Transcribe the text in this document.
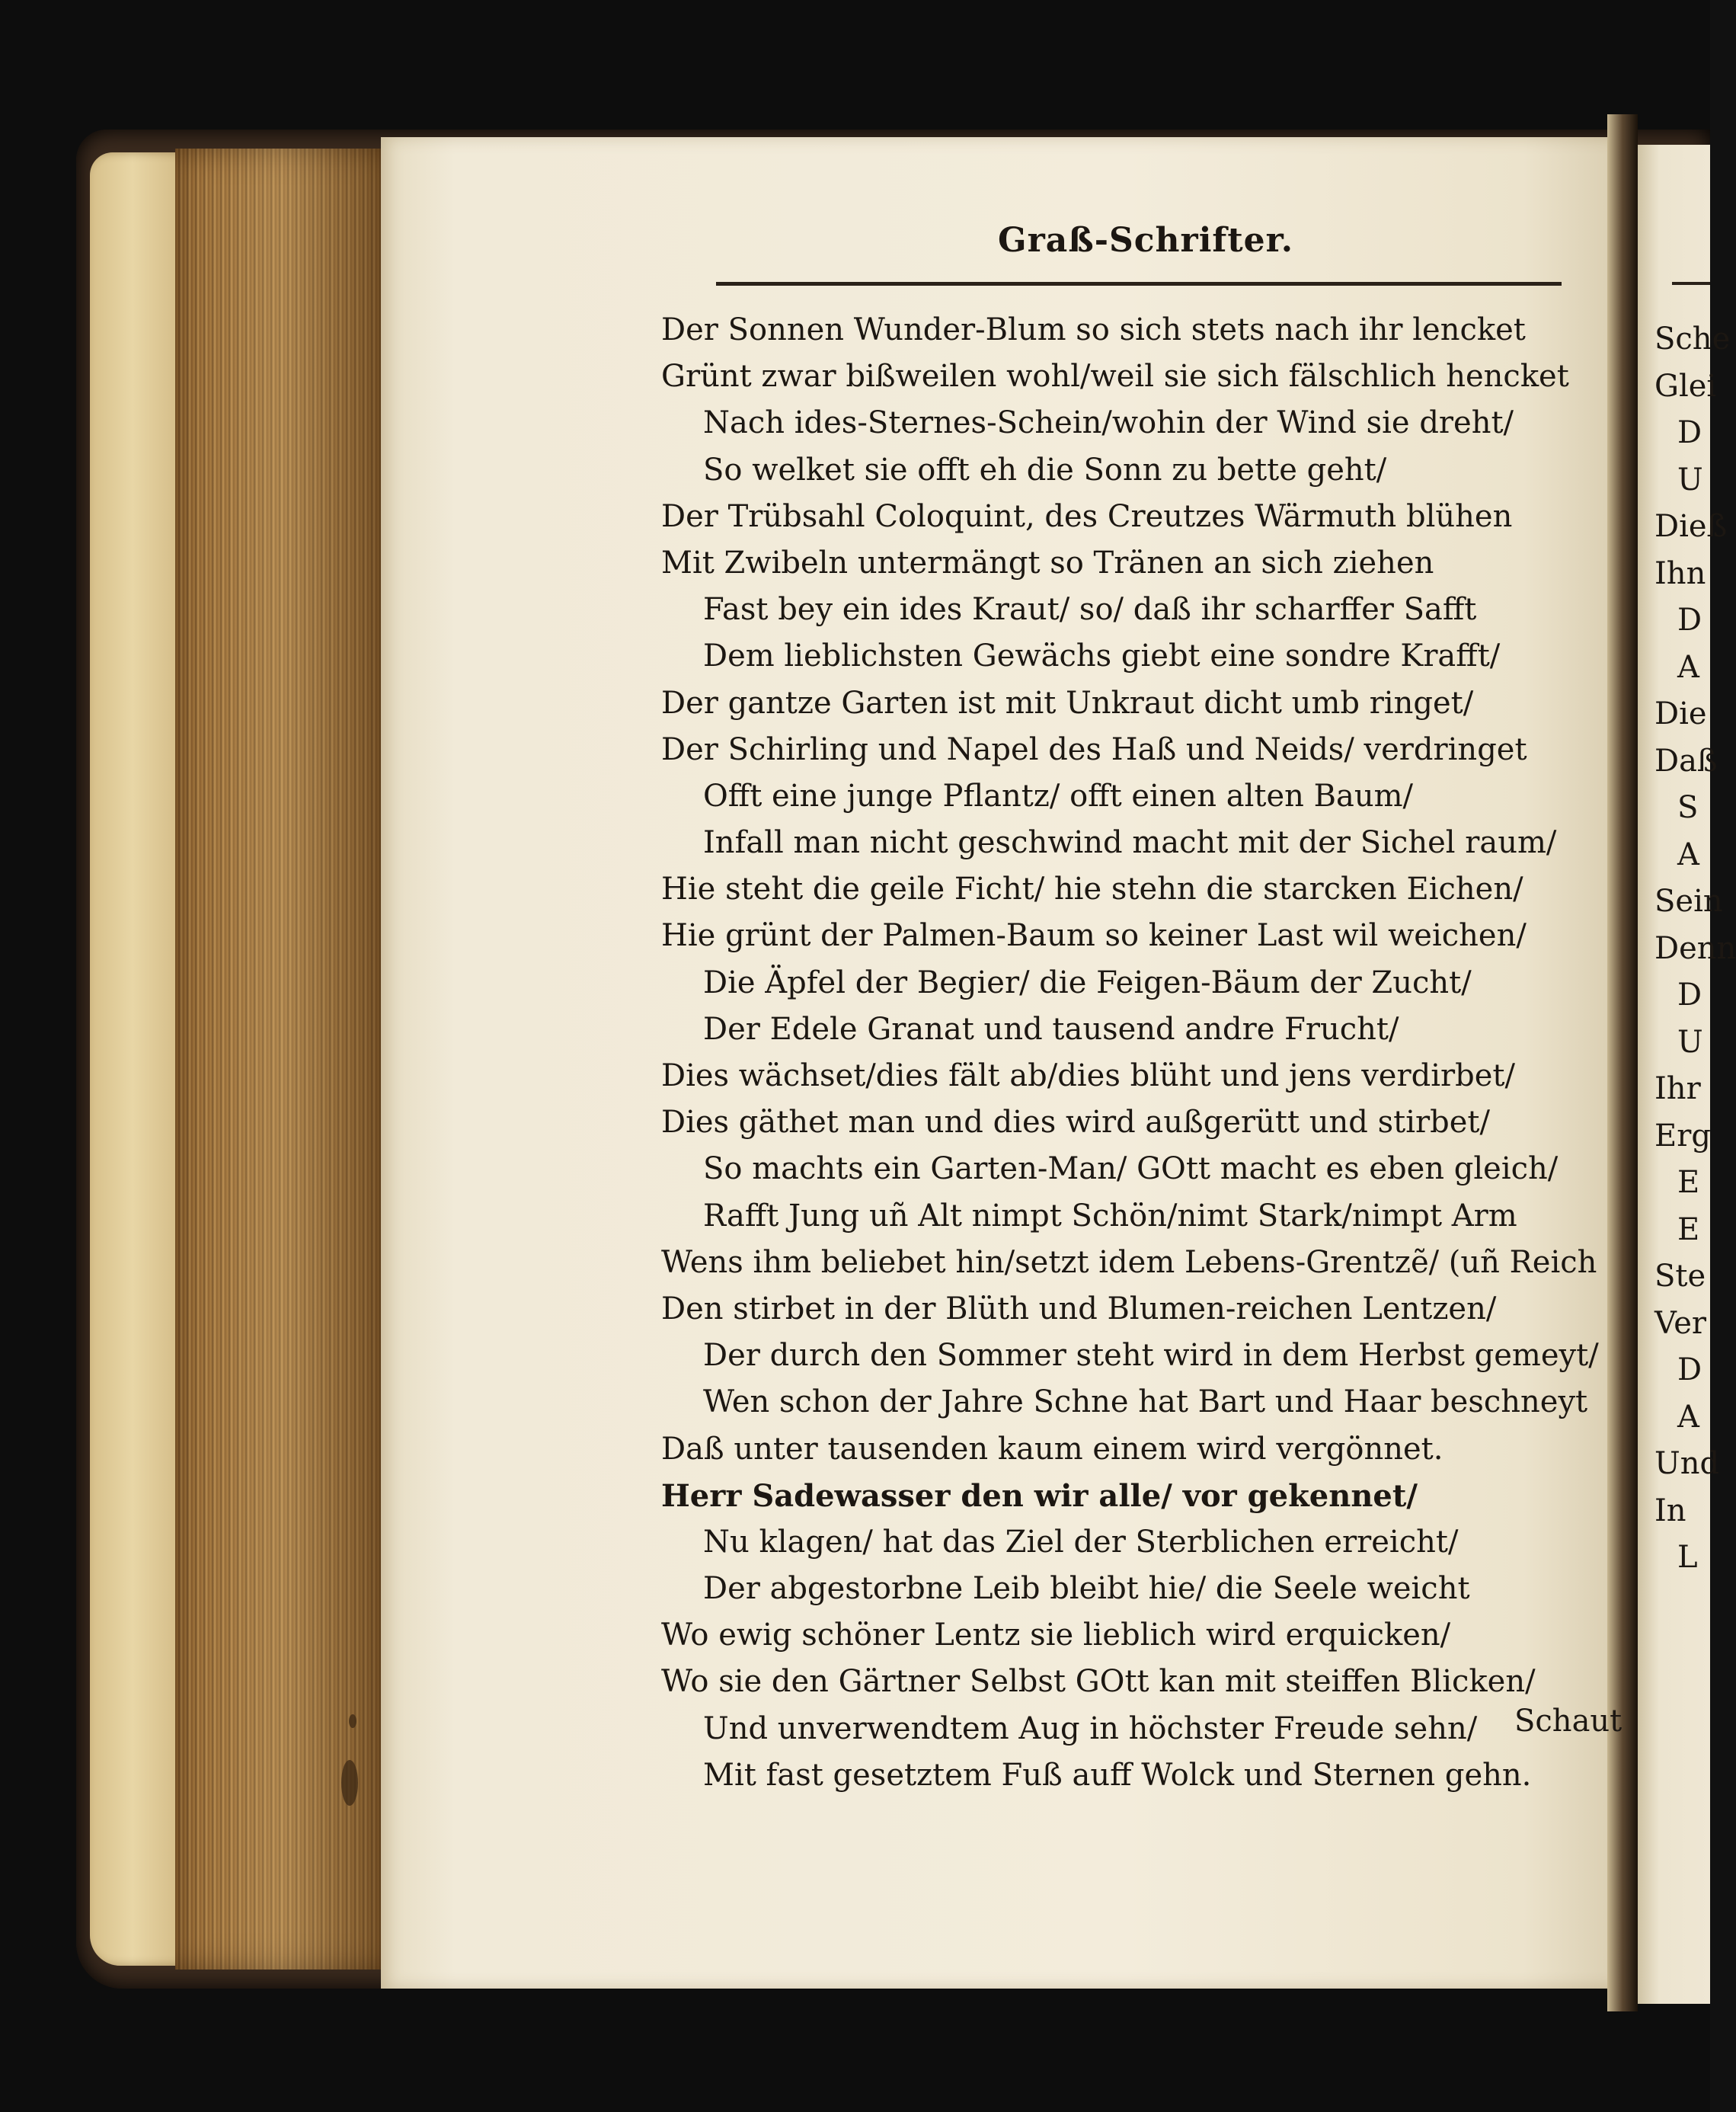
Sche
Glei
D
U
Dieß
Ihn
D
A
Die
Daß
S
A
Sein
Denn
D
U
Ihr
Erg
E
E
Ste
Ver
D
A
Und
In
L
Graß-Schrifter.
Der Sonnen Wunder-Blum so sich stets nach ihr lencket
Grünt zwar bißweilen wohl/weil sie sich fälschlich hencket
Nach ides-Sternes-Schein/wohin der Wind sie dreht/
So welket sie offt eh die Sonn zu bette geht/
Der Trübsahl Coloquint, des Creutzes Wärmuth blühen
Mit Zwibeln untermängt so Tränen an sich ziehen
Fast bey ein ides Kraut/ so/ daß ihr scharffer Safft
Dem lieblichsten Gewächs giebt eine sondre Krafft/
Der gantze Garten ist mit Unkraut dicht umb ringet/
Der Schirling und Napel des Haß und Neids/ verdringet
Offt eine junge Pflantz/ offt einen alten Baum/
Infall man nicht geschwind macht mit der Sichel raum/
Hie steht die geile Ficht/ hie stehn die starcken Eichen/
Hie grünt der Palmen-Baum so keiner Last wil weichen/
Die Äpfel der Begier/ die Feigen-Bäum der Zucht/
Der Edele Granat und tausend andre Frucht/
Dies wächset/dies fält ab/dies blüht und jens verdirbet/
Dies gäthet man und dies wird außgerütt und stirbet/
So machts ein Garten-Man/ GOtt macht es eben gleich/
Rafft Jung uñ Alt nimpt Schön/nimt Stark/nimpt Arm
Wens ihm beliebet hin/setzt idem Lebens-Grentzẽ/ (uñ Reich
Den stirbet in der Blüth und Blumen-reichen Lentzen/
Der durch den Sommer steht wird in dem Herbst gemeyt/
Wen schon der Jahre Schne hat Bart und Haar beschneyt
Daß unter tausenden kaum einem wird vergönnet.
Herr Sadewasser den wir alle/ vor gekennet/
Nu klagen/ hat das Ziel der Sterblichen erreicht/
Der abgestorbne Leib bleibt hie/ die Seele weicht
Wo ewig schöner Lentz sie lieblich wird erquicken/
Wo sie den Gärtner Selbst GOtt kan mit steiffen Blicken/
Und unverwendtem Aug in höchster Freude sehn/
Mit fast gesetztem Fuß auff Wolck und Sternen gehn.
Schaut
